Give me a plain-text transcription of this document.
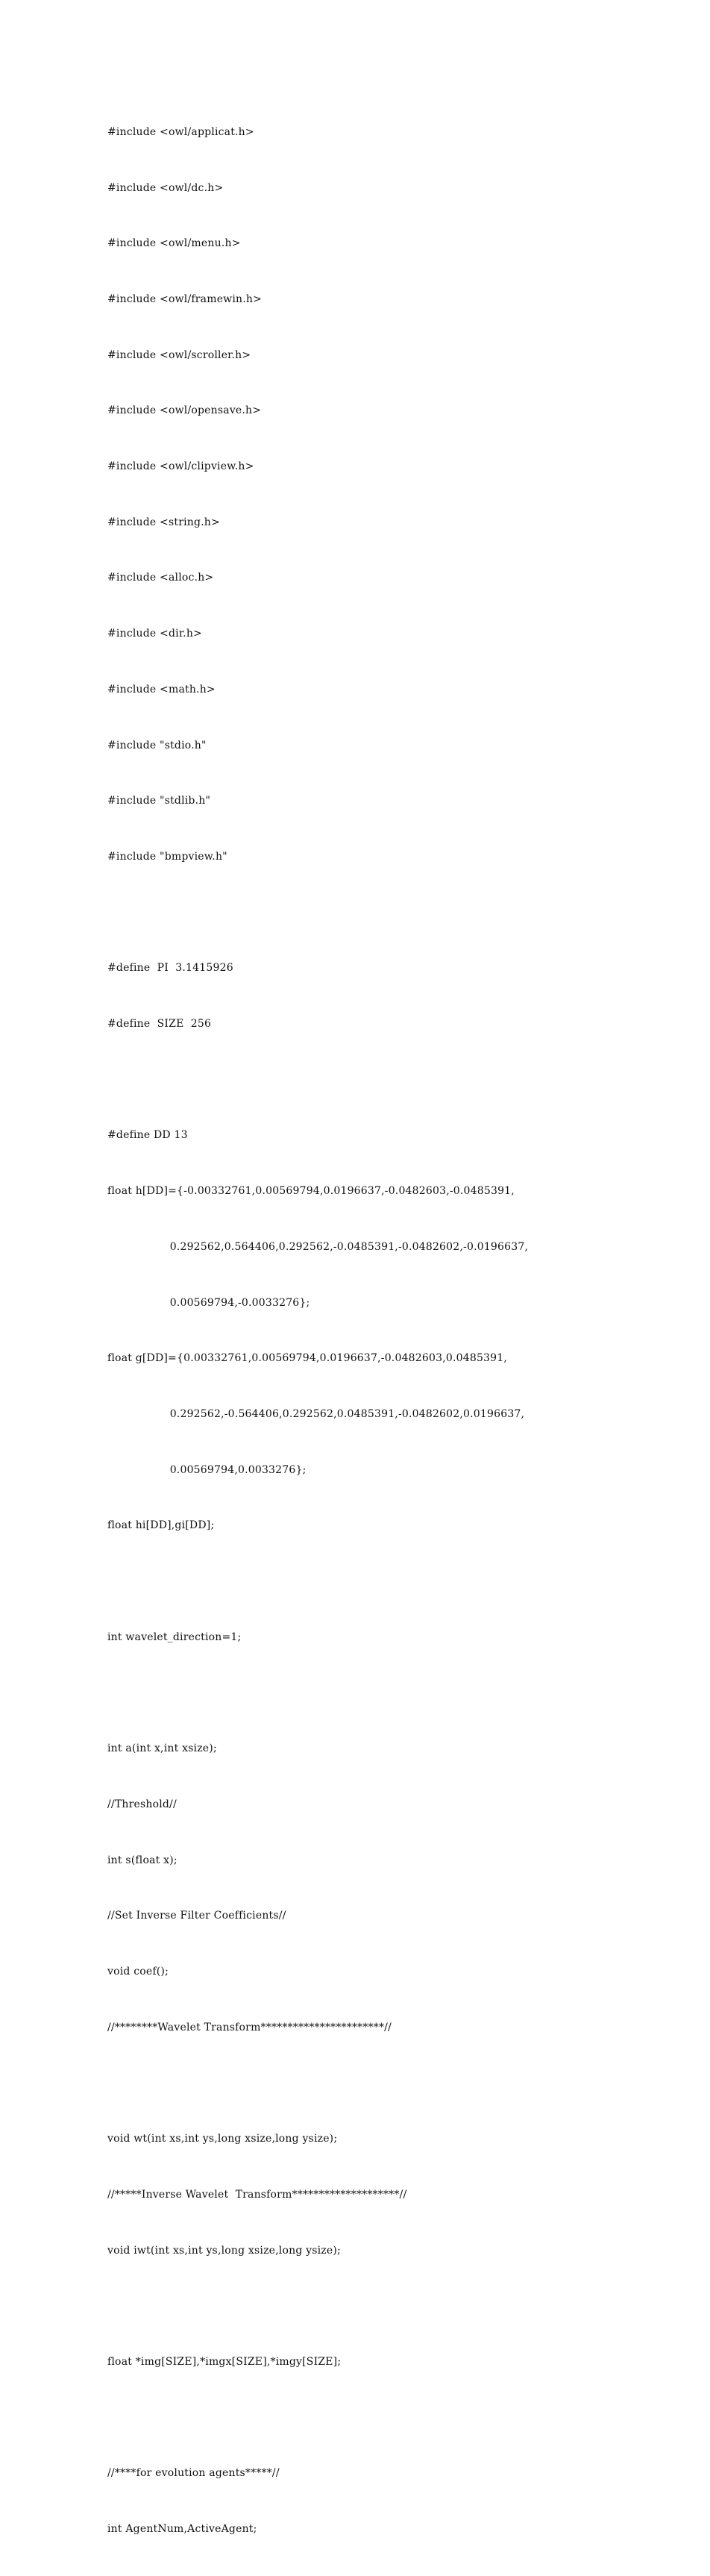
#include <owl/applicat.h>

#include <owl/dc.h>

#include <owl/menu.h>

#include <owl/framewin.h>

#include <owl/scroller.h>

#include <owl/opensave.h>

#include <owl/clipview.h>

#include <string.h>

#include <alloc.h>

#include <dir.h>

#include <math.h>

#include "stdio.h"

#include "stdlib.h"

#include "bmpview.h"

#define  PI  3.1415926

#define  SIZE  256

#define DD 13

float h[DD]={-0.00332761,0.00569794,0.0196637,-0.0482603,-0.0485391,

0.292562,0.564406,0.292562,-0.0485391,-0.0482602,-0.0196637,

0.00569794,-0.0033276};

float g[DD]={0.00332761,0.00569794,0.0196637,-0.0482603,0.0485391,

0.292562,-0.564406,0.292562,0.0485391,-0.0482602,0.0196637,

0.00569794,0.0033276};

float hi[DD],gi[DD];

int wavelet_direction=1;

int a(int x,int xsize);

//Threshold//

int s(float x);

//Set Inverse Filter Coefficients//

void coef();

//********Wavelet Transform***********************//

void wt(int xs,int ys,long xsize,long ysize);

//*****Inverse Wavelet  Transform********************//

void iwt(int xs,int ys,long xsize,long ysize);

float *img[SIZE],*imgx[SIZE],*imgy[SIZE];

//****for evolution agents*****//

int AgentNum,ActiveAgent;
